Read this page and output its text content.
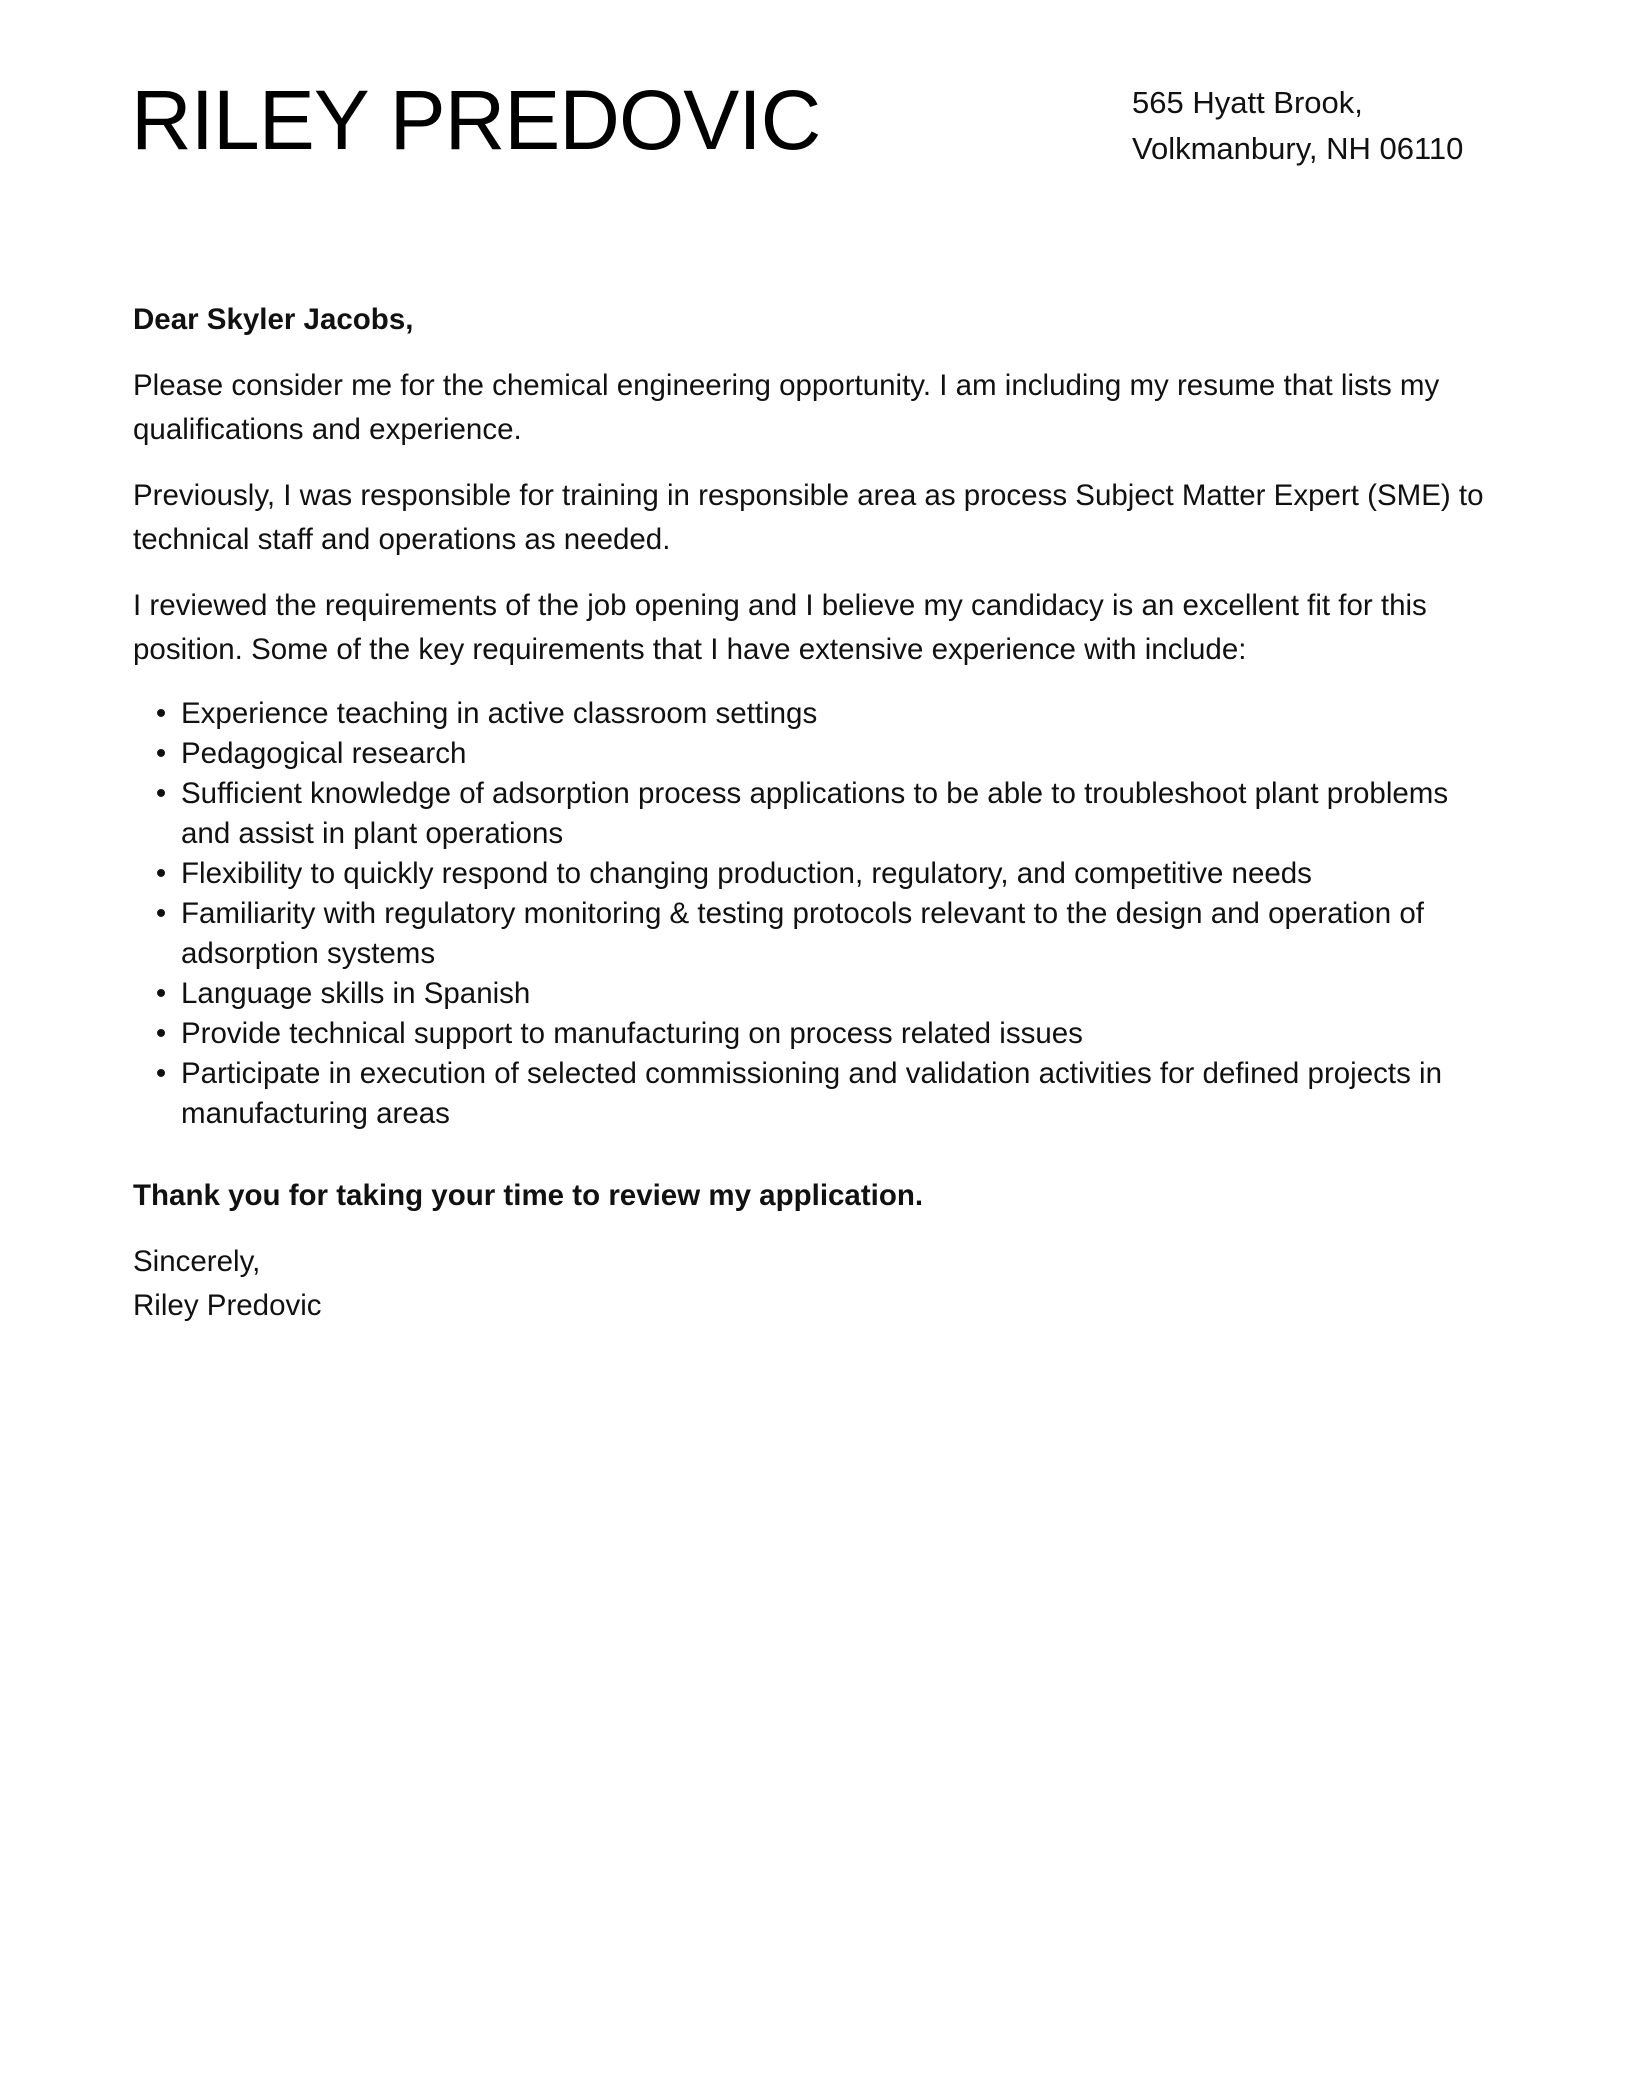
RILEY PREDOVIC	565 Hyatt Brook,
Volkmanbury, NH 06110

Dear Skyler Jacobs,

Please consider me for the chemical engineering opportunity. I am including my resume that lists my qualifications and experience.

Previously, I was responsible for training in responsible area as process Subject Matter Expert (SME) to technical staff and operations as needed.

I reviewed the requirements of the job opening and I believe my candidacy is an excellent fit for this position. Some of the key requirements that I have extensive experience with include:

• Experience teaching in active classroom settings
• Pedagogical research
• Sufficient knowledge of adsorption process applications to be able to troubleshoot plant problems and assist in plant operations
• Flexibility to quickly respond to changing production, regulatory, and competitive needs
• Familiarity with regulatory monitoring & testing protocols relevant to the design and operation of adsorption systems
• Language skills in Spanish
• Provide technical support to manufacturing on process related issues
• Participate in execution of selected commissioning and validation activities for defined projects in manufacturing areas

Thank you for taking your time to review my application.

Sincerely,

Riley Predovic
